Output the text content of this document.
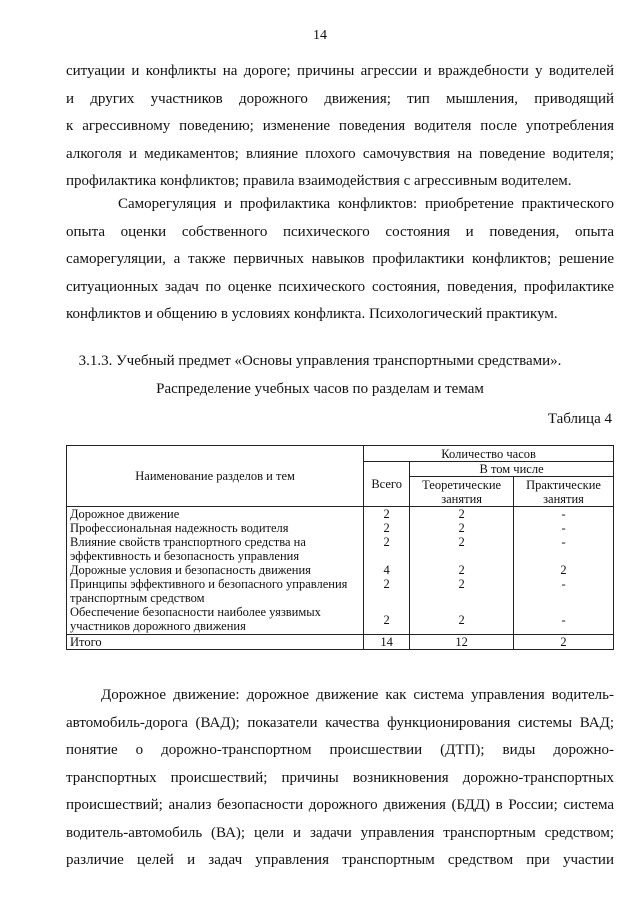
14
ситуации и конфликты на дороге; причины агрессии и враждебности у водителей
и других участников дорожного движения; тип мышления, приводящий
к агрессивному поведению; изменение поведения водителя после употребления
алкоголя и медикаментов; влияние плохого самочувствия на поведение водителя;
профилактика конфликтов; правила взаимодействия с агрессивным водителем.
Саморегуляция и профилактика конфликтов: приобретение практического
опыта оценки собственного психического состояния и поведения, опыта
саморегуляции, а также первичных навыков профилактики конфликтов; решение
ситуационных задач по оценке психического состояния, поведения, профилактике
конфликтов и общению в условиях конфликта. Психологический практикум.
3.1.3. Учебный предмет «Основы управления транспортными средствами».
Распределение учебных часов по разделам и темам
Таблица 4
Наименование разделов и тем	Количество часов		
	Всего	В том числе	
		Теоретические занятия	Практические занятия
Дорожное движение	2	2	-
Профессиональная надежность водителя	2	2	-
Влияние свойств транспортного средства на эффективность и безопасность управления	2	2	-
Дорожные условия и безопасность движения	4	2	2
Принципы эффективного и безопасного управления транспортным средством	2	2	-
Обеспечение безопасности наиболее уязвимых участников дорожного движения	2	2	-
Итого	14	12	2
Дорожное движение: дорожное движение как система управления водитель-
автомобиль-дорога (ВАД); показатели качества функционирования системы ВАД;
понятие о дорожно-транспортном происшествии (ДТП); виды дорожно-
транспортных происшествий; причины возникновения дорожно-транспортных
происшествий; анализ безопасности дорожного движения (БДД) в России; система
водитель-автомобиль (ВА); цели и задачи управления транспортным средством;
различие целей и задач управления транспортным средством при участии
